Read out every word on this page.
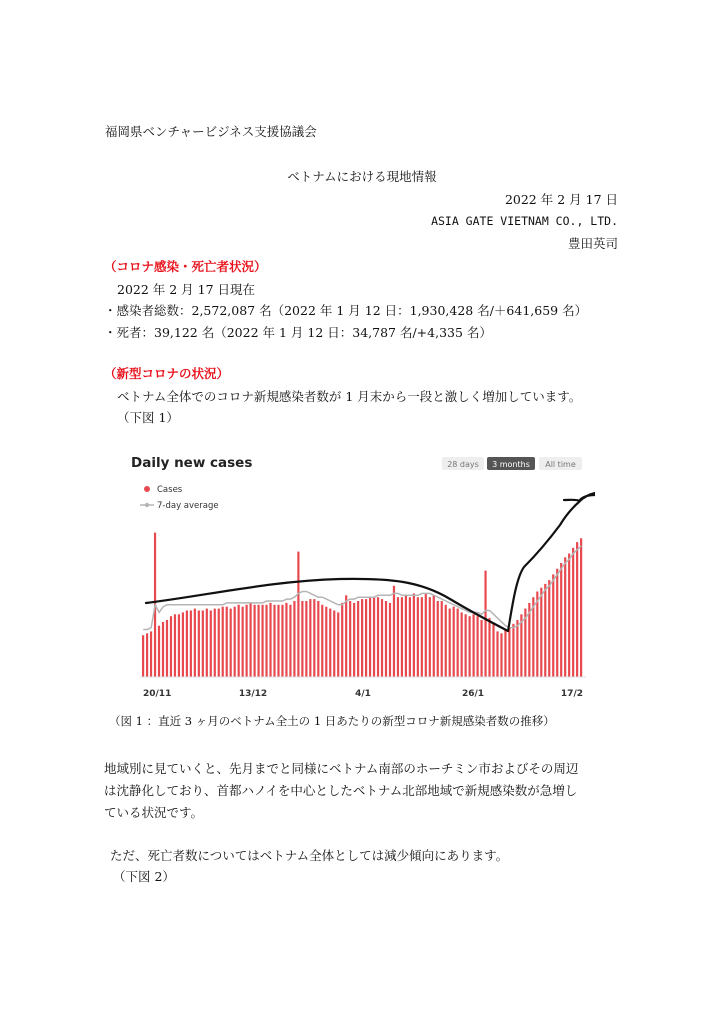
福岡県ベンチャービジネス支援協議会
ベトナムにおける現地情報
2022 年 2 月 17 日
ASIA GATE VIETNAM CO., LTD.
豊田英司
（コロナ感染・死亡者状況）
2022 年 2 月 17 日現在
・感染者総数：2,572,087 名（2022 年 1 月 12 日：1,930,428 名/＋641,659 名）
・死者：39,122 名（2022 年 1 月 12 日：34,787 名/+4,335 名）
（新型コロナの状況）
ベトナム全体でのコロナ新規感染者数が 1 月末から一段と激しく増加しています。
（下図 1）
Daily new cases	28 days 3 months All time
Cases
7-day average
20/11	13/12	4/1	26/1	17/2
（図 1 ：直近 3 ヶ月のベトナム全土の 1 日あたりの新型コロナ新規感染者数の推移）
地域別に見ていくと、先月までと同様にベトナム南部のホーチミン市およびその周辺
は沈静化しており、首都ハノイを中心としたベトナム北部地域で新規感染数が急増し
ている状況です。
ただ、死亡者数についてはベトナム全体としては減少傾向にあります。
（下図 2）
